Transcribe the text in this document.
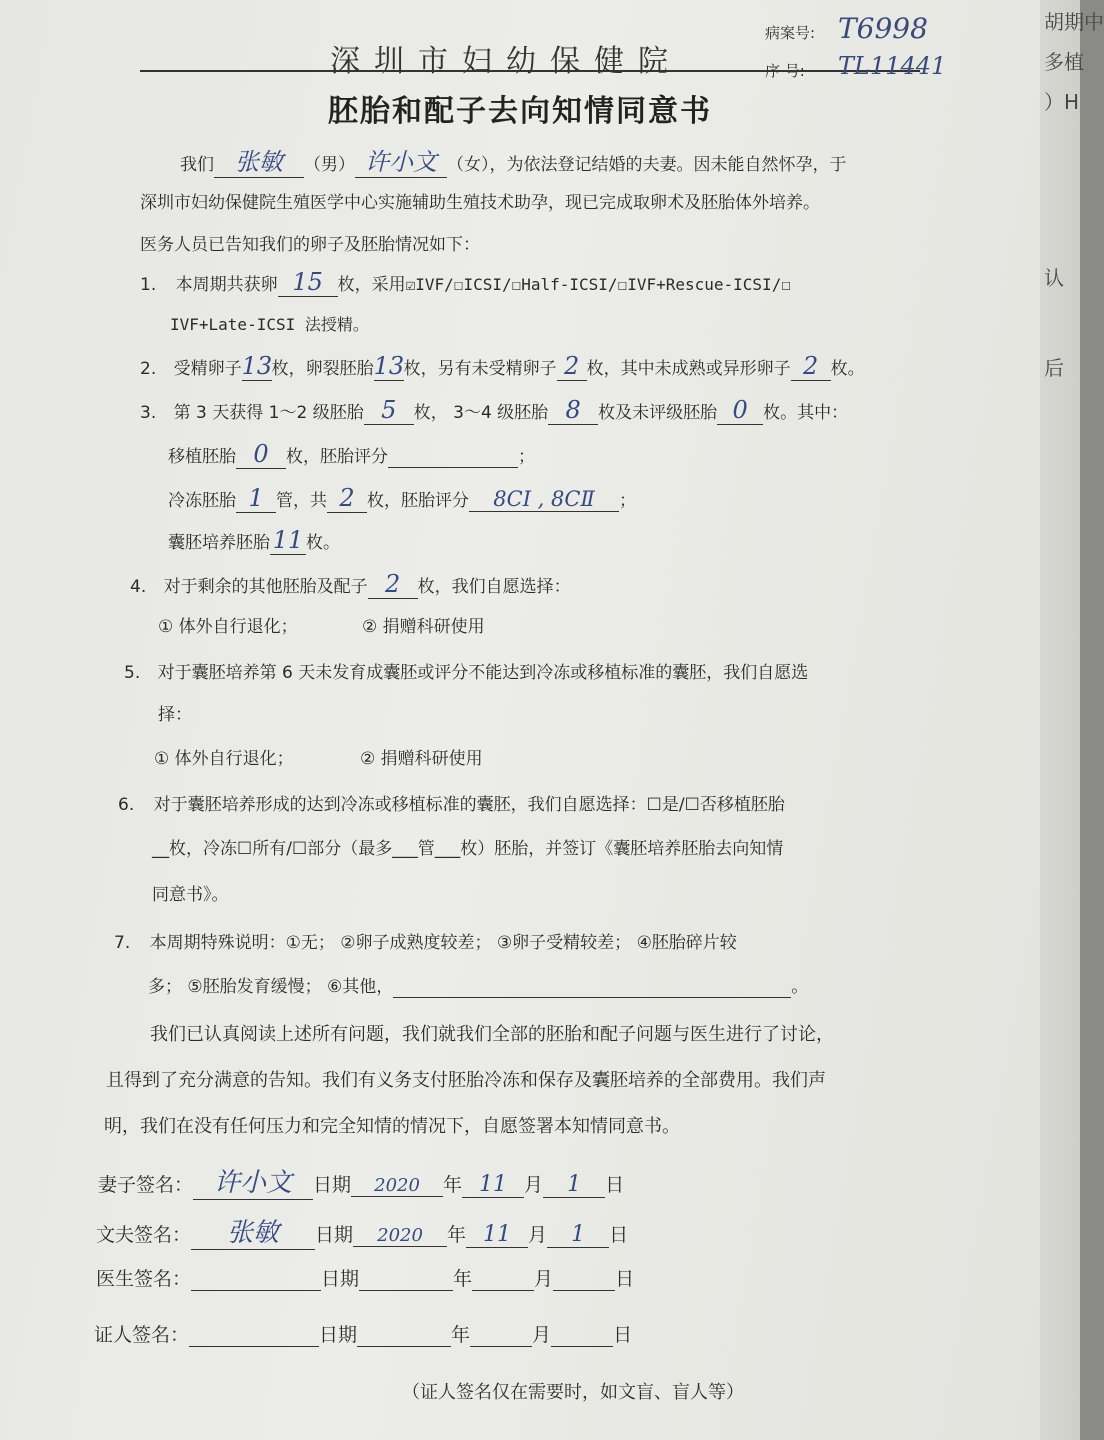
深圳市妇幼保健院
病案号: T6998
序 号: TL11441
胚胎和配子去向知情同意书
我们 张敏 （男） 许小文 （女），为依法登记结婚的夫妻。因未能自然怀孕，于
深圳市妇幼保健院生殖医学中心实施辅助生殖技术助孕，现已完成取卵术及胚胎体外培养。
医务人员已告知我们的卵子及胚胎情况如下：
1. 本周期共获卵 15 枚，采用☑IVF/☐ICSI/☐Half-ICSI/☐IVF+Rescue-ICSI/☐
IVF+Late-ICSI 法授精。
2. 受精卵子13枚，卵裂胚胎13枚，另有未受精卵子 2 枚，其中未成熟或异形卵子 2 枚。
3. 第 3 天获得 1～2 级胚胎 5 枚， 3～4 级胚胎 8 枚及未评级胚胎 0 枚。其中：
移植胚胎 0 枚，胚胎评分	；
冷冻胚胎 1 管，共 2 枚，胚胎评分 8CⅠ , 8CⅡ ；
囊胚培养胚胎 11 枚。
4. 对于剩余的其他胚胎及配子 2 枚，我们自愿选择：
① 体外自行退化；	② 捐赠科研使用
5. 对于囊胚培养第 6 天未发育成囊胚或评分不能达到冷冻或移植标准的囊胚，我们自愿选
择：
① 体外自行退化；	② 捐赠科研使用
6. 对于囊胚培养形成的达到冷冻或移植标准的囊胚，我们自愿选择：☐是/☐否移植胚胎
__枚，冷冻☐所有/☐部分（最多___管___枚）胚胎，并签订《囊胚培养胚胎去向知情
同意书》。
7. 本周期特殊说明：①无； ②卵子成熟度较差； ③卵子受精较差； ④胚胎碎片较
多； ⑤胚胎发育缓慢； ⑥其他，	。
我们已认真阅读上述所有问题，我们就我们全部的胚胎和配子问题与医生进行了讨论，
且得到了充分满意的告知。我们有义务支付胚胎冷冻和保存及囊胚培养的全部费用。我们声
明，我们在没有任何压力和完全知情的情况下，自愿签署本知情同意书。
妻子签名： 许小文 日期 2020 年 11 月 1 日
文夫签名： 张敏 日期 2020 年 11 月 1 日
医生签名：	日期	年	月	日
证人签名：	日期	年	月	日
（证人签名仅在需要时，如文盲、盲人等）
胡期中
多植
）H
认
后
